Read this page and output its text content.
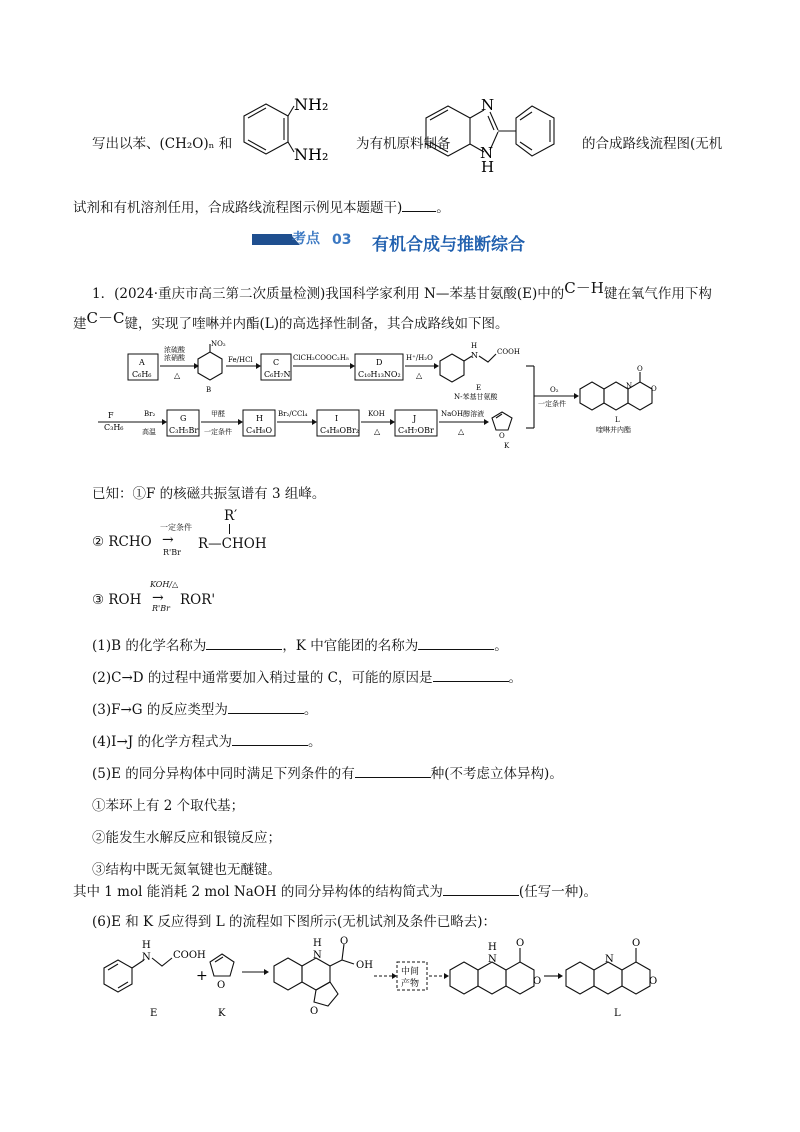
写出以苯、(CH₂O)ₙ 和
NH₂
NH₂
为有机原料制备
N
N
H
的合成路线流程图(无机
试剂和有机溶剂任用，合成路线流程图示例见本题题干)	。
考点 03 有机合成与推断综合
1．(2024·重庆市高三第二次质量检测)我国科学家利用 N—苯基甘氨酸(E)中的C－H键在氧气作用下构
建C－C键，实现了喹啉并内酯(L)的高选择性制备，其合成路线如下图。
A
C₆H₆
浓硫酸
浓硝酸
△
NO₂
B
Fe/HCl	C
C₆H₇N
ClCH₂COOC₂H₅	D
C₁₀H₁₃NO₂
H⁺/H₂O
△
H
N	COOH
E
N-苯基甘氨酸
O₂
一定条件
N
O
O
L
喹啉并内酯
F
C₃H₆
Br₂
高温
G
C₃H₅Br
甲醛
一定条件
H
C₄H₈O
Br₂/CCl₄	I
C₄H₈OBr₂
KOH
△
J
C₄H₇OBr
NaOH醇溶液
△	O
K
已知：①F 的核磁共振氢谱有 3 组峰。
② RCHO
一定条件
→
R'Br
R′
R—CHOH
③ ROH
KOH/△
→
R'Br
ROR'
(1)B 的化学名称为	，K 中官能团的名称为	。
(2)C→D 的过程中通常要加入稍过量的 C，可能的原因是	。
(3)F→G 的反应类型为	。
(4)I→J 的化学方程式为	。
(5)E 的同分异构体中同时满足下列条件的有	种(不考虑立体异构)。
①苯环上有 2 个取代基；
②能发生水解反应和银镜反应；
③结构中既无氮氧键也无醚键。
其中 1 mol 能消耗 2 mol NaOH 的同分异构体的结构简式为	(任写一种)。
(6)E 和 K 反应得到 L 的流程如下图所示(无机试剂及条件已略去)：
H
N COOH
E
+
O
K
H
N
O
OH
O
中间
产物
H
N
O
O
N
O
O
L
